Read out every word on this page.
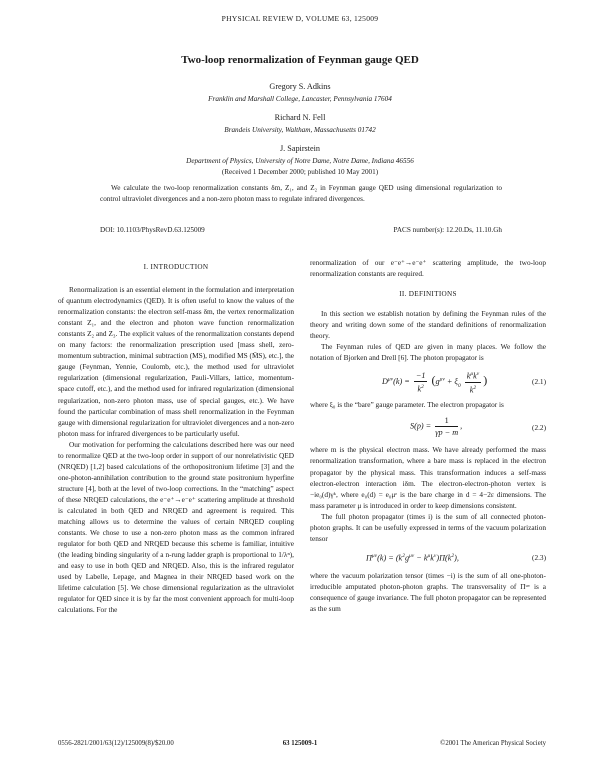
PHYSICAL REVIEW D, VOLUME 63, 125009
Two-loop renormalization of Feynman gauge QED
Gregory S. Adkins
Franklin and Marshall College, Lancaster, Pennsylvania 17604
Richard N. Fell
Brandeis University, Waltham, Massachusetts 01742
J. Sapirstein
Department of Physics, University of Notre Dame, Notre Dame, Indiana 46556
(Received 1 December 2000; published 10 May 2001)
We calculate the two-loop renormalization constants δm, Z₁, and Z₂ in Feynman gauge QED using dimensional regularization to control ultraviolet divergences and a non-zero photon mass to regulate infrared divergences.
DOI: 10.1103/PhysRevD.63.125009	PACS number(s): 12.20.Ds, 11.10.Gh
I. INTRODUCTION

Renormalization is an essential element in the formulation and interpretation of quantum electrodynamics (QED). It is often useful to know the values of the renormalization constants: the electron self-mass δm, the vertex renormalization constant Z₁, and the electron and photon wave function renormalization constants Z₂ and Z₃. The explicit values of the renormalization constants depend on many factors: the renormalization prescription used [mass shell, zero-momentum subtraction, minimal subtraction (MS), modified MS (M̄S), etc.], the gauge (Feynman, Yennie, Coulomb, etc.), the method used for ultraviolet regularization (dimensional regularization, Pauli-Villars, lattice, momentum-space cutoff, etc.), and the method used for infrared regularization (dimensional regularization, non-zero photon mass, use of special gauges, etc.). We have found the particular combination of mass shell renormalization in the Feynman gauge with dimensional regularization for ultraviolet divergences and a non-zero photon mass for infrared divergences to be particularly useful.

Our motivation for performing the calculations described here was our need to renormalize QED at the two-loop order in support of our nonrelativistic QED (NRQED) [1,2] based calculations of the orthopositronium lifetime [3] and the one-photon-annihilation contribution to the ground state positronium hyperfine structure [4], both at the level of two-loop corrections. In the “matching” aspect of these NRQED calculations, the e⁻e⁺→e⁻e⁺ scattering amplitude at threshold is calculated in both QED and NRQED and agreement is required. This matching allows us to determine the values of certain NRQED coupling constants. We chose to use a non-zero photon mass as the common infrared regulator for both QED and NRQED because this scheme is familiar, intuitive (the leading binding singularity of a n-rung ladder graph is proportional to 1/λⁿ), and easy to use in both QED and NRQED. Also, this is the infrared regulator used by Labelle, Lepage, and Magnea in their NRQED based work on the lifetime calculation [5]. We chose dimensional regularization as the ultraviolet regulator for QED since it is by far the most convenient approach for multi-loop calculations. For the

renormalization of our e⁻e⁺→e⁻e⁺ scattering amplitude, the two-loop renormalization constants are required.

II. DEFINITIONS

In this section we establish notation by defining the Feynman rules of the theory and writing down some of the standard definitions of renormalization theory.

The Feynman rules of QED are given in many places. We follow the notation of Bjorken and Drell [6]. The photon propagator is

$D^{\mu\nu}(k) = \frac{-1}{k^2} (g^{\mu\nu} + \xi_0 \frac{k^\mu k^\nu}{k^2}$ )	(2.1)

where ξ₀ is the “bare” gauge parameter. The electron propagator is

$S(p) = \frac{1}{\gamma p - m}$ ,	(2.2)

where m is the physical electron mass. We have already performed the mass renormalization transformation, where a bare mass is replaced in the electron propagator by the physical mass. This transformation induces a self-mass electron-electron interaction iδm. The electron-electron-photon vertex is −ie₀(d)γᵏ, where e₀(d) = e₀μᵋ is the bare charge in d = 4−2ε dimensions. The mass parameter μ is introduced in order to keep dimensions consistent.

The full photon propagator (times i) is the sum of all connected photon-photon graphs. It can be usefully expressed in terms of the vacuum polarization tensor

$\Pi^{\mu\nu}(k) = (k^2g^{\mu\nu} - k^\mu k^\nu)\Pi(k^2)$,	(2.3)

where the vacuum polarization tensor (times −i) is the sum of all one-photon-irreducible amputated photon-photon graphs. The transversality of Πᵘᵛ is a consequence of gauge invariance. The full photon propagator can be represented as the sum

0556-2821/2001/63(12)/125009(8)/$20.00	63 125009-1	©2001 The American Physical Society
